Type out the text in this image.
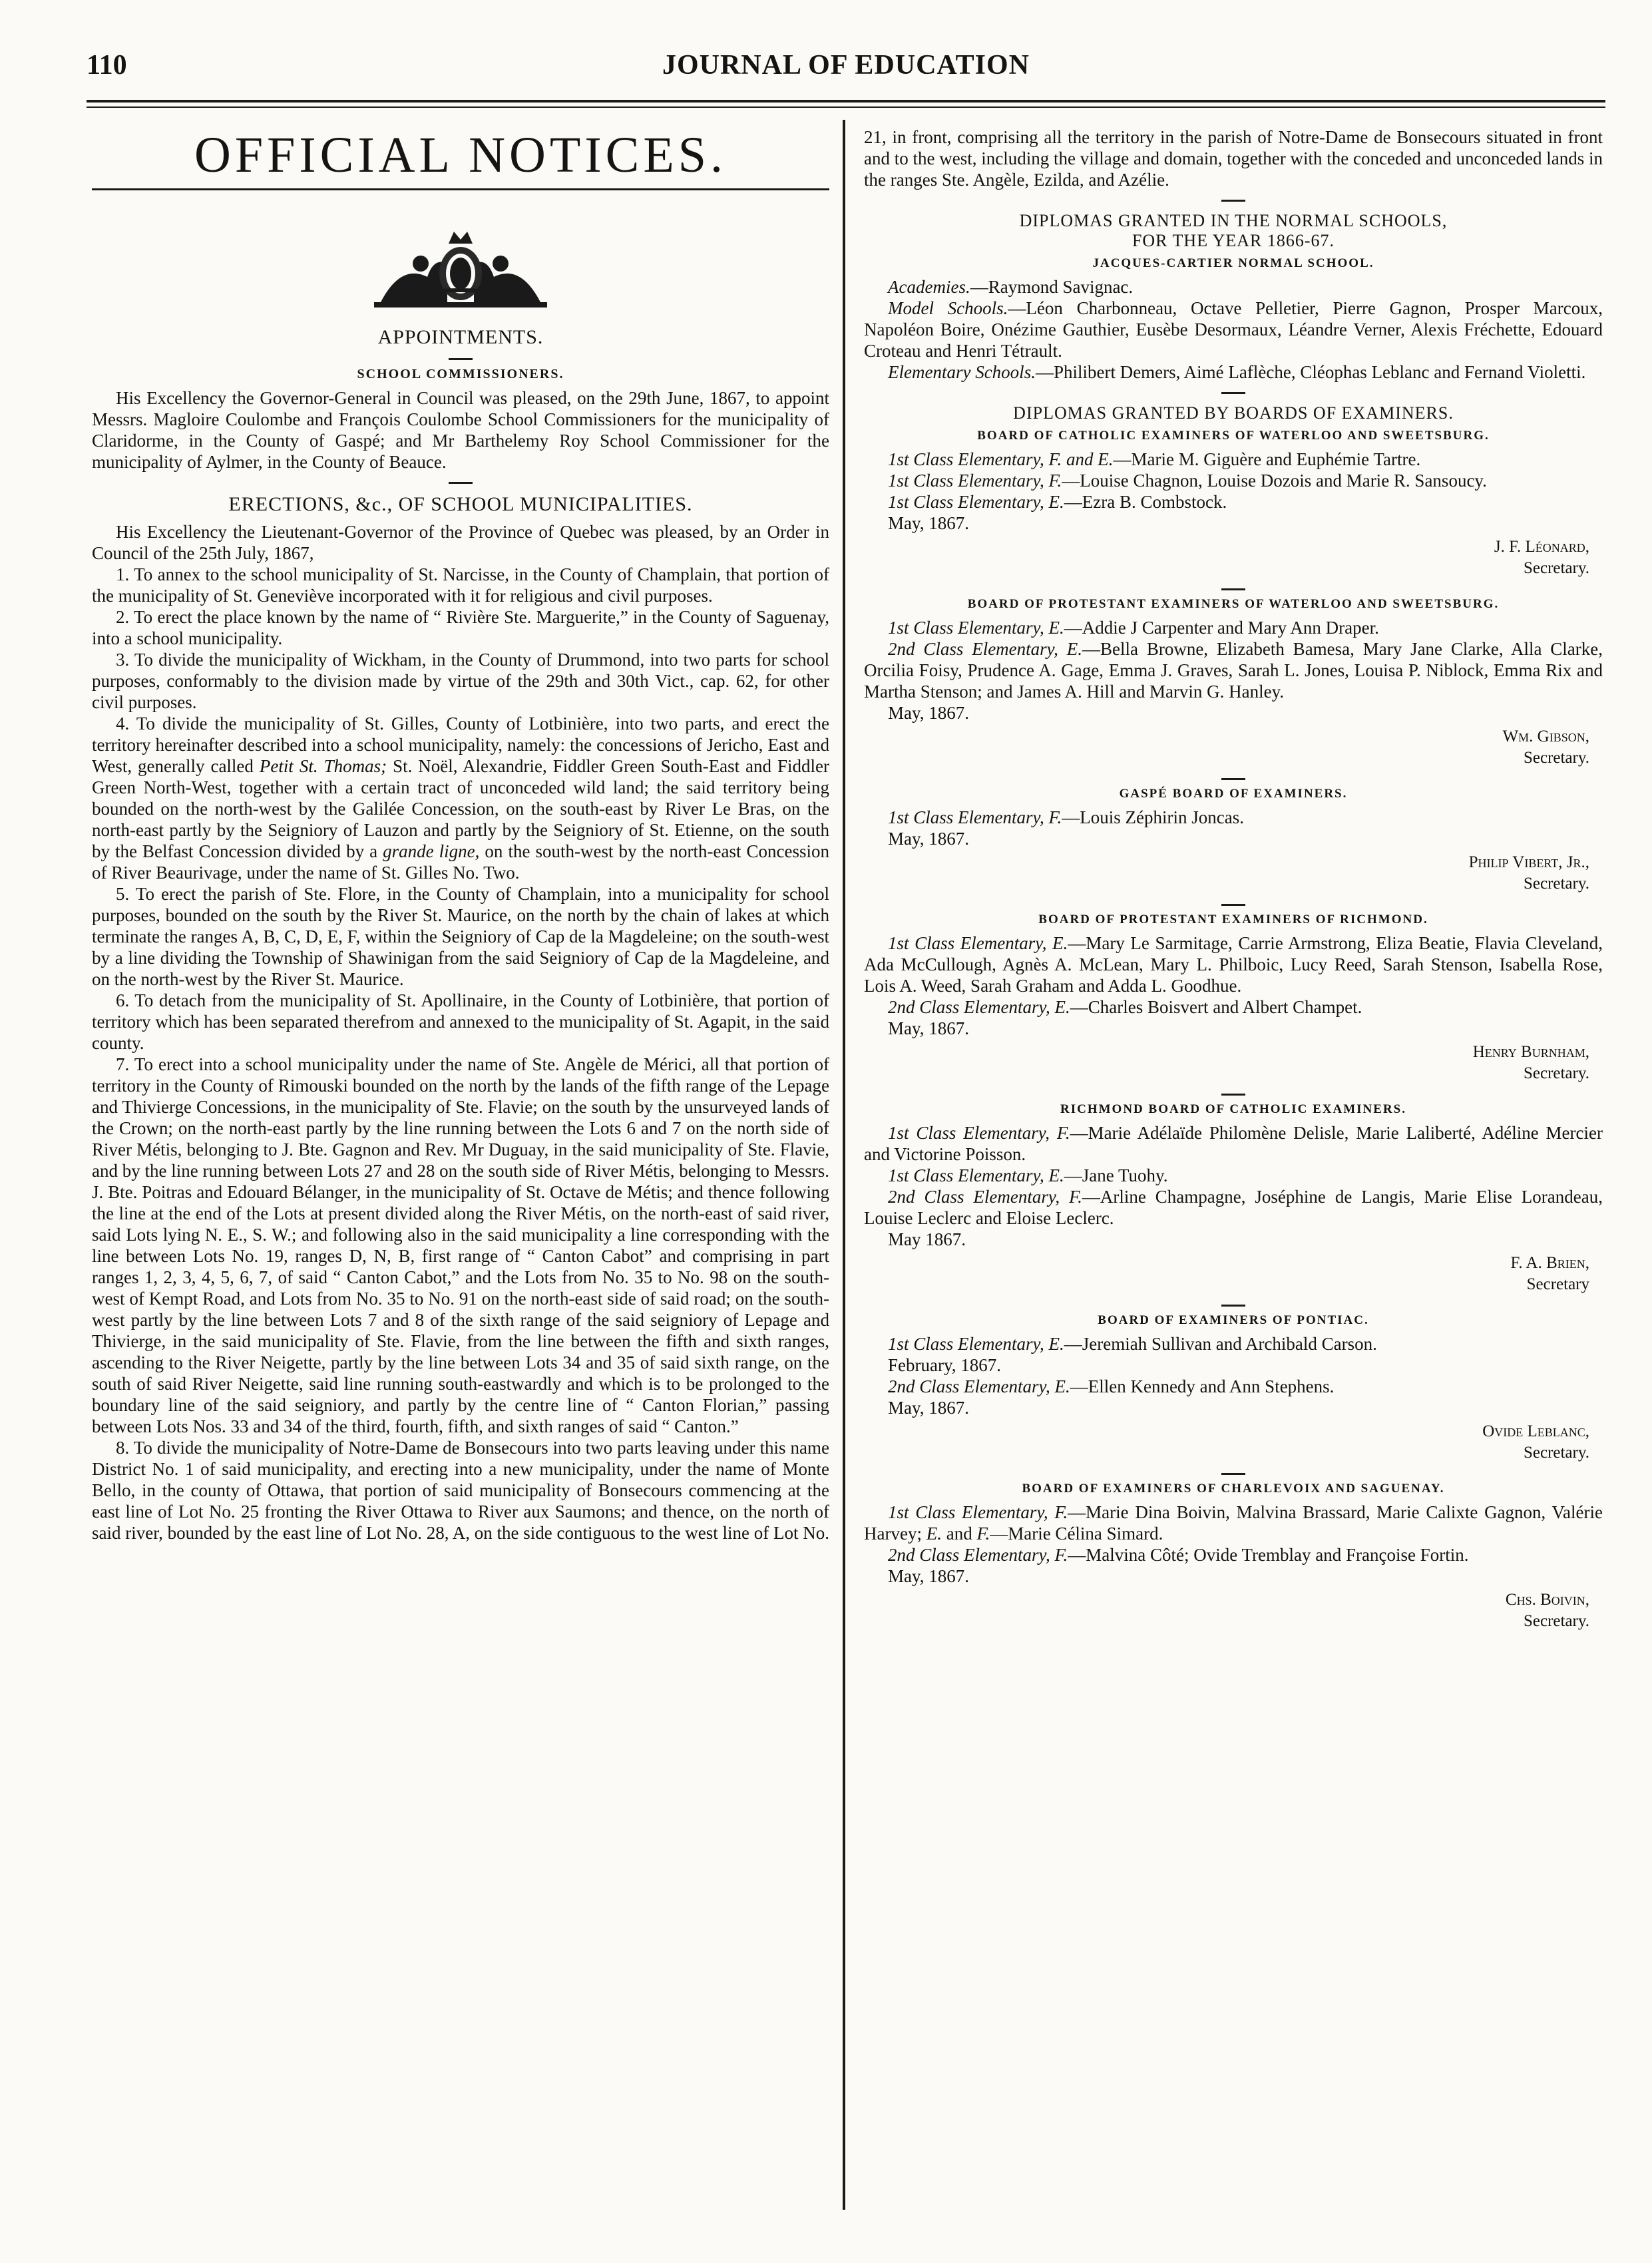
110	JOURNAL OF EDUCATION
OFFICIAL NOTICES.
APPOINTMENTS.
SCHOOL COMMISSIONERS.

His Excellency the Governor-General in Council was pleased, on the 29th June, 1867, to appoint Messrs. Magloire Coulombe and François Coulombe School Commissioners for the municipality of Claridorme, in the County of Gaspé; and Mr Barthelemy Roy School Commissioner for the municipality of Aylmer, in the County of Beauce.

ERECTIONS, &c., OF SCHOOL MUNICIPALITIES.

His Excellency the Lieutenant-Governor of the Province of Quebec was pleased, by an Order in Council of the 25th July, 1867,

1. To annex to the school municipality of St. Narcisse, in the County of Champlain, that portion of the municipality of St. Geneviève incorporated with it for religious and civil purposes.

2. To erect the place known by the name of “ Rivière Ste. Marguerite,” in the County of Saguenay, into a school municipality.

3. To divide the municipality of Wickham, in the County of Drummond, into two parts for school purposes, conformably to the division made by virtue of the 29th and 30th Vict., cap. 62, for other civil purposes.

4. To divide the municipality of St. Gilles, County of Lotbinière, into two parts, and erect the territory hereinafter described into a school municipality, namely: the concessions of Jericho, East and West, generally called Petit St. Thomas; St. Noël, Alexandrie, Fiddler Green South-East and Fiddler Green North-West, together with a certain tract of unconceded wild land; the said territory being bounded on the north-west by the Galilée Concession, on the south-east by River Le Bras, on the north-east partly by the Seigniory of Lauzon and partly by the Seigniory of St. Etienne, on the south by the Belfast Concession divided by a grande ligne, on the south-west by the north-east Concession of River Beaurivage, under the name of St. Gilles No. Two.

5. To erect the parish of Ste. Flore, in the County of Champlain, into a municipality for school purposes, bounded on the south by the River St. Maurice, on the north by the chain of lakes at which terminate the ranges A, B, C, D, E, F, within the Seigniory of Cap de la Magdeleine; on the south-west by a line dividing the Township of Shawinigan from the said Seigniory of Cap de la Magdeleine, and on the north-west by the River St. Maurice.

6. To detach from the municipality of St. Apollinaire, in the County of Lotbinière, that portion of territory which has been separated therefrom and annexed to the municipality of St. Agapit, in the said county.

7. To erect into a school municipality under the name of Ste. Angèle de Mérici, all that portion of territory in the County of Rimouski bounded on the north by the lands of the fifth range of the Lepage and Thivierge Concessions, in the municipality of Ste. Flavie; on the south by the unsurveyed lands of the Crown; on the north-east partly by the line running between the Lots 6 and 7 on the north side of River Métis, belonging to J. Bte. Gagnon and Rev. Mr Duguay, in the said municipality of Ste. Flavie, and by the line running between Lots 27 and 28 on the south side of River Métis, belonging to Messrs. J. Bte. Poitras and Edouard Bélanger, in the municipality of St. Octave de Métis; and thence following the line at the end of the Lots at present divided along the River Métis, on the north-east of said river, said Lots lying N. E., S. W.; and following also in the said municipality a line corresponding with the line between Lots No. 19, ranges D, N, B, first range of “ Canton Cabot” and comprising in part ranges 1, 2, 3, 4, 5, 6, 7, of said “ Canton Cabot,” and the Lots from No. 35 to No. 98 on the south-west of Kempt Road, and Lots from No. 35 to No. 91 on the north-east side of said road; on the south-west partly by the line between Lots 7 and 8 of the sixth range of the said seigniory of Lepage and Thivierge, in the said municipality of Ste. Flavie, from the line between the fifth and sixth ranges, ascending to the River Neigette, partly by the line between Lots 34 and 35 of said sixth range, on the south of said River Neigette, said line running south-eastwardly and which is to be prolonged to the boundary line of the said seigniory, and partly by the centre line of “ Canton Florian,” passing between Lots Nos. 33 and 34 of the third, fourth, fifth, and sixth ranges of said “ Canton.”

8. To divide the municipality of Notre-Dame de Bonsecours into two parts leaving under this name District No. 1 of said municipality, and erecting into a new municipality, under the name of Monte Bello, in the county of Ottawa, that portion of said municipality of Bonsecours commencing at the east line of Lot No. 25 fronting the River Ottawa to River aux Saumons; and thence, on the north of said river, bounded by the east line of Lot No. 28, A, on the side contiguous to the west line of Lot No.

21, in front, comprising all the territory in the parish of Notre-Dame de Bonsecours situated in front and to the west, including the village and domain, together with the conceded and unconceded lands in the ranges Ste. Angèle, Ezilda, and Azélie.

DIPLOMAS GRANTED IN THE NORMAL SCHOOLS,
FOR THE YEAR 1866-67.
JACQUES-CARTIER NORMAL SCHOOL.

Academies.—Raymond Savignac.

Model Schools.—Léon Charbonneau, Octave Pelletier, Pierre Gagnon, Prosper Marcoux, Napoléon Boire, Onézime Gauthier, Eusèbe Desormaux, Léandre Verner, Alexis Fréchette, Edouard Croteau and Henri Tétrault.

Elementary Schools.—Philibert Demers, Aimé Laflèche, Cléophas Leblanc and Fernand Violetti.

DIPLOMAS GRANTED BY BOARDS OF EXAMINERS.
BOARD OF CATHOLIC EXAMINERS OF WATERLOO AND SWEETSBURG.

1st Class Elementary, F. and E.—Marie M. Giguère and Euphémie Tartre.

1st Class Elementary, F.—Louise Chagnon, Louise Dozois and Marie R. Sansoucy.

1st Class Elementary, E.—Ezra B. Combstock.

May, 1867.

J. F. Léonard,
Secretary.
BOARD OF PROTESTANT EXAMINERS OF WATERLOO AND SWEETSBURG.

1st Class Elementary, E.—Addie J Carpenter and Mary Ann Draper.

2nd Class Elementary, E.—Bella Browne, Elizabeth Bamesa, Mary Jane Clarke, Alla Clarke, Orcilia Foisy, Prudence A. Gage, Emma J. Graves, Sarah L. Jones, Louisa P. Niblock, Emma Rix and Martha Stenson; and James A. Hill and Marvin G. Hanley.

May, 1867.

Wm. Gibson,
Secretary.
GASPÉ BOARD OF EXAMINERS.

1st Class Elementary, F.—Louis Zéphirin Joncas.

May, 1867.

Philip Vibert, Jr.,
Secretary.
BOARD OF PROTESTANT EXAMINERS OF RICHMOND.

1st Class Elementary, E.—Mary Le Sarmitage, Carrie Armstrong, Eliza Beatie, Flavia Cleveland, Ada McCullough, Agnès A. McLean, Mary L. Philboic, Lucy Reed, Sarah Stenson, Isabella Rose, Lois A. Weed, Sarah Graham and Adda L. Goodhue.

2nd Class Elementary, E.—Charles Boisvert and Albert Champet.

May, 1867.

Henry Burnham,
Secretary.
RICHMOND BOARD OF CATHOLIC EXAMINERS.

1st Class Elementary, F.—Marie Adélaïde Philomène Delisle, Marie Laliberté, Adéline Mercier and Victorine Poisson.

1st Class Elementary, E.—Jane Tuohy.

2nd Class Elementary, F.—Arline Champagne, Joséphine de Langis, Marie Elise Lorandeau, Louise Leclerc and Eloise Leclerc.

May 1867.

F. A. Brien,
Secretary
BOARD OF EXAMINERS OF PONTIAC.

1st Class Elementary, E.—Jeremiah Sullivan and Archibald Carson.

February, 1867.

2nd Class Elementary, E.—Ellen Kennedy and Ann Stephens.

May, 1867.

Ovide Leblanc,
Secretary.
BOARD OF EXAMINERS OF CHARLEVOIX AND SAGUENAY.

1st Class Elementary, F.—Marie Dina Boivin, Malvina Brassard, Marie Calixte Gagnon, Valérie Harvey; E. and F.—Marie Célina Simard.

2nd Class Elementary, F.—Malvina Côté; Ovide Tremblay and Françoise Fortin.

May, 1867.

Chs. Boivin,
Secretary.
